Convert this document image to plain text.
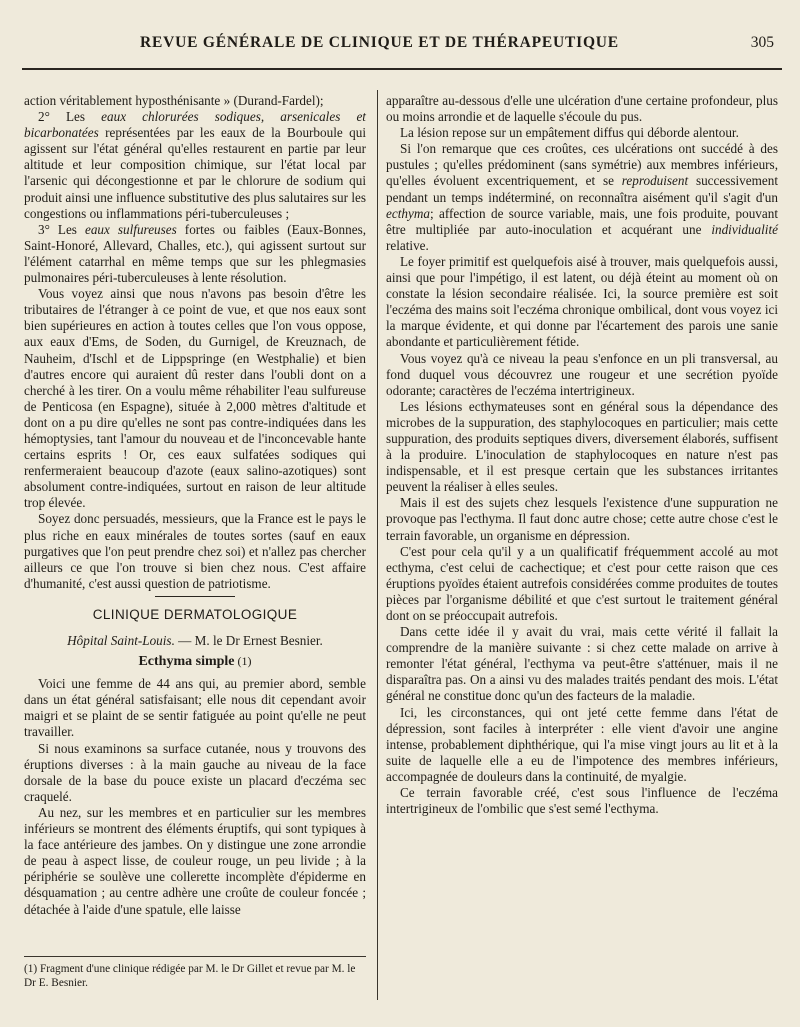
REVUE GÉNÉRALE DE CLINIQUE ET DE THÉRAPEUTIQUE	305

action véritablement hyposthénisante » (Durand-Fardel);

2° Les eaux chlorurées sodiques, arsenicales et bicarbonatées représentées par les eaux de la Bourboule qui agissent sur l'état général qu'elles restaurent en partie par leur altitude et leur composition chimique, sur l'état local par l'arsenic qui décongestionne et par le chlorure de sodium qui produit ainsi une influence substitutive des plus salutaires sur les congestions ou inflammations péri-tuberculeuses ;

3° Les eaux sulfureuses fortes ou faibles (Eaux-Bonnes, Saint-Honoré, Allevard, Challes, etc.), qui agissent surtout sur l'élément catarrhal en même temps que sur les phlegmasies pulmonaires péri-tuberculeuses à lente résolution.

Vous voyez ainsi que nous n'avons pas besoin d'être les tributaires de l'étranger à ce point de vue, et que nos eaux sont bien supérieures en action à toutes celles que l'on vous oppose, aux eaux d'Ems, de Soden, du Gurnigel, de Kreuznach, de Nauheim, d'Ischl et de Lippspringe (en Westphalie) et bien d'autres encore qui auraient dû rester dans l'oubli dont on a cherché à les tirer. On a voulu même réhabiliter l'eau sulfureuse de Penticosa (en Espagne), située à 2,000 mètres d'altitude et dont on a pu dire qu'elles ne sont pas contre-indiquées dans les hémoptysies, tant l'amour du nouveau et de l'inconcevable hante certains esprits ! Or, ces eaux sulfatées sodiques qui renfermeraient beaucoup d'azote (eaux salino-azotiques) sont absolument contre-indiquées, surtout en raison de leur altitude trop élevée.

Soyez donc persuadés, messieurs, que la France est le pays le plus riche en eaux minérales de toutes sortes (sauf en eaux purgatives que l'on peut prendre chez soi) et n'allez pas chercher ailleurs ce que l'on trouve si bien chez nous. C'est affaire d'humanité, c'est aussi question de patriotisme.

CLINIQUE DERMATOLOGIQUE
Hôpital Saint-Louis. — M. le Dr Ernest Besnier.
Ecthyma simple (1)

Voici une femme de 44 ans qui, au premier abord, semble dans un état général satisfaisant; elle nous dit cependant avoir maigri et se plaint de se sentir fatiguée au point qu'elle ne peut travailler.

Si nous examinons sa surface cutanée, nous y trouvons des éruptions diverses : à la main gauche au niveau de la face dorsale de la base du pouce existe un placard d'eczéma sec craquelé.

Au nez, sur les membres et en particulier sur les membres inférieurs se montrent des éléments éruptifs, qui sont typiques à la face antérieure des jambes. On y distingue une zone arrondie de peau à aspect lisse, de couleur rouge, un peu livide ; à la périphérie se soulève une collerette incomplète d'épiderme en désquamation ; au centre adhère une croûte de couleur foncée ; détachée à l'aide d'une spatule, elle laisse

(1) Fragment d'une clinique rédigée par M. le Dr Gillet et revue par M. le Dr E. Besnier.

apparaître au-dessous d'elle une ulcération d'une certaine profondeur, plus ou moins arrondie et de laquelle s'écoule du pus.

La lésion repose sur un empâtement diffus qui déborde alentour.

Si l'on remarque que ces croûtes, ces ulcérations ont succédé à des pustules ; qu'elles prédominent (sans symétrie) aux membres inférieurs, qu'elles évoluent excentriquement, et se reproduisent successivement pendant un temps indéterminé, on reconnaîtra aisément qu'il s'agit d'un ecthyma; affection de source variable, mais, une fois produite, pouvant être multipliée par auto-inoculation et acquérant une individualité relative.

Le foyer primitif est quelquefois aisé à trouver, mais quelquefois aussi, ainsi que pour l'impétigo, il est latent, ou déjà éteint au moment où on constate la lésion secondaire réalisée. Ici, la source première est soit l'eczéma des mains soit l'eczéma chronique ombilical, dont vous voyez ici la marque évidente, et qui donne par l'écartement des parois une sanie abondante et particulièrement fétide.

Vous voyez qu'à ce niveau la peau s'enfonce en un pli transversal, au fond duquel vous découvrez une rougeur et une secrétion pyoïde odorante; caractères de l'eczéma intertrigineux.

Les lésions ecthymateuses sont en général sous la dépendance des microbes de la suppuration, des staphylocoques en particulier; mais cette suppuration, des produits septiques divers, diversement élaborés, suffisent à la produire. L'inoculation de staphylocoques en nature n'est pas indispensable, et il est presque certain que les substances irritantes peuvent la réaliser à elles seules.

Mais il est des sujets chez lesquels l'existence d'une suppuration ne provoque pas l'ecthyma. Il faut donc autre chose; cette autre chose c'est le terrain favorable, un organisme en dépression.

C'est pour cela qu'il y a un qualificatif fréquemment accolé au mot ecthyma, c'est celui de cachectique; et c'est pour cette raison que ces éruptions pyoïdes étaient autrefois considérées comme produites de toutes pièces par l'organisme débilité et que c'est surtout le traitement général dont on se préoccupait autrefois.

Dans cette idée il y avait du vrai, mais cette vérité il fallait la comprendre de la manière suivante : si chez cette malade on arrive à remonter l'état général, l'ecthyma va peut-être s'atténuer, mais il ne disparaîtra pas. On a ainsi vu des malades traités pendant des mois. L'état général ne constitue donc qu'un des facteurs de la maladie.

Ici, les circonstances, qui ont jeté cette femme dans l'état de dépression, sont faciles à interpréter : elle vient d'avoir une angine intense, probablement diphthérique, qui l'a mise vingt jours au lit et à la suite de laquelle elle a eu de l'impotence des membres inférieurs, accompagnée de douleurs dans la continuité, de myalgie.

Ce terrain favorable créé, c'est sous l'influence de l'eczéma intertrigineux de l'ombilic que s'est semé l'ecthyma.
